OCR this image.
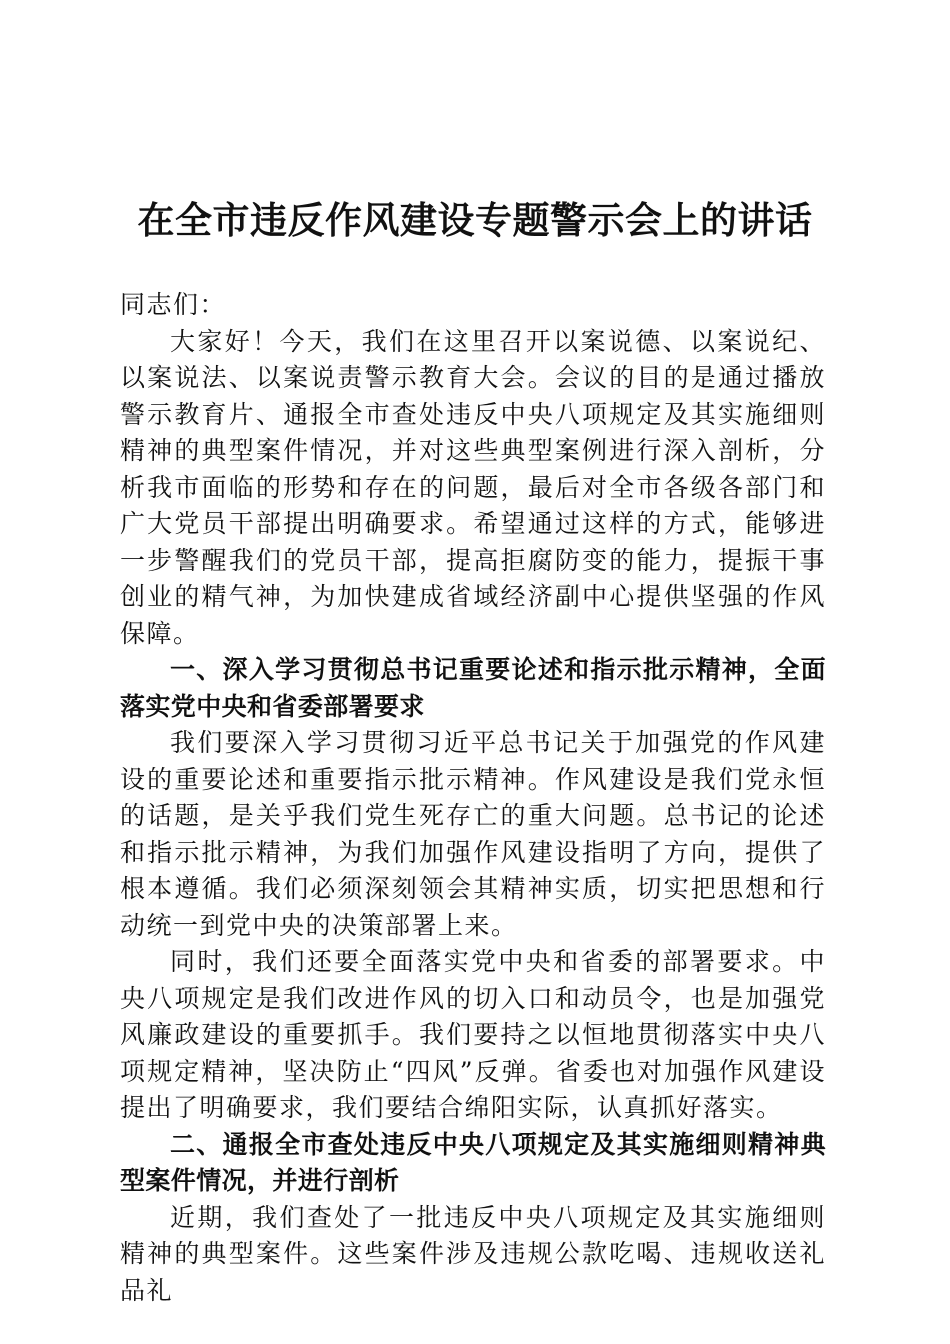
在全市违反作风建设专题警示会上的讲话

同志们：

大家好！今天，我们在这里召开以案说德、以案说纪、以案说法、以案说责警示教育大会。会议的目的是通过播放警示教育片、通报全市查处违反中央八项规定及其实施细则精神的典型案件情况，并对这些典型案例进行深入剖析，分析我市面临的形势和存在的问题，最后对全市各级各部门和广大党员干部提出明确要求。希望通过这样的方式，能够进一步警醒我们的党员干部，提高拒腐防变的能力，提振干事创业的精气神，为加快建成省域经济副中心提供坚强的作风保障。

一、深入学习贯彻总书记重要论述和指示批示精神，全面落实党中央和省委部署要求

我们要深入学习贯彻习近平总书记关于加强党的作风建设的重要论述和重要指示批示精神。作风建设是我们党永恒的话题，是关乎我们党生死存亡的重大问题。总书记的论述和指示批示精神，为我们加强作风建设指明了方向，提供了根本遵循。我们必须深刻领会其精神实质，切实把思想和行动统一到党中央的决策部署上来。

同时，我们还要全面落实党中央和省委的部署要求。中央八项规定是我们改进作风的切入口和动员令，也是加强党风廉政建设的重要抓手。我们要持之以恒地贯彻落实中央八项规定精神，坚决防止“四风”反弹。省委也对加强作风建设提出了明确要求，我们要结合绵阳实际，认真抓好落实。

二、通报全市查处违反中央八项规定及其实施细则精神典型案件情况，并进行剖析

近期，我们查处了一批违反中央八项规定及其实施细则精神的典型案件。这些案件涉及违规公款吃喝、违规收送礼品礼
